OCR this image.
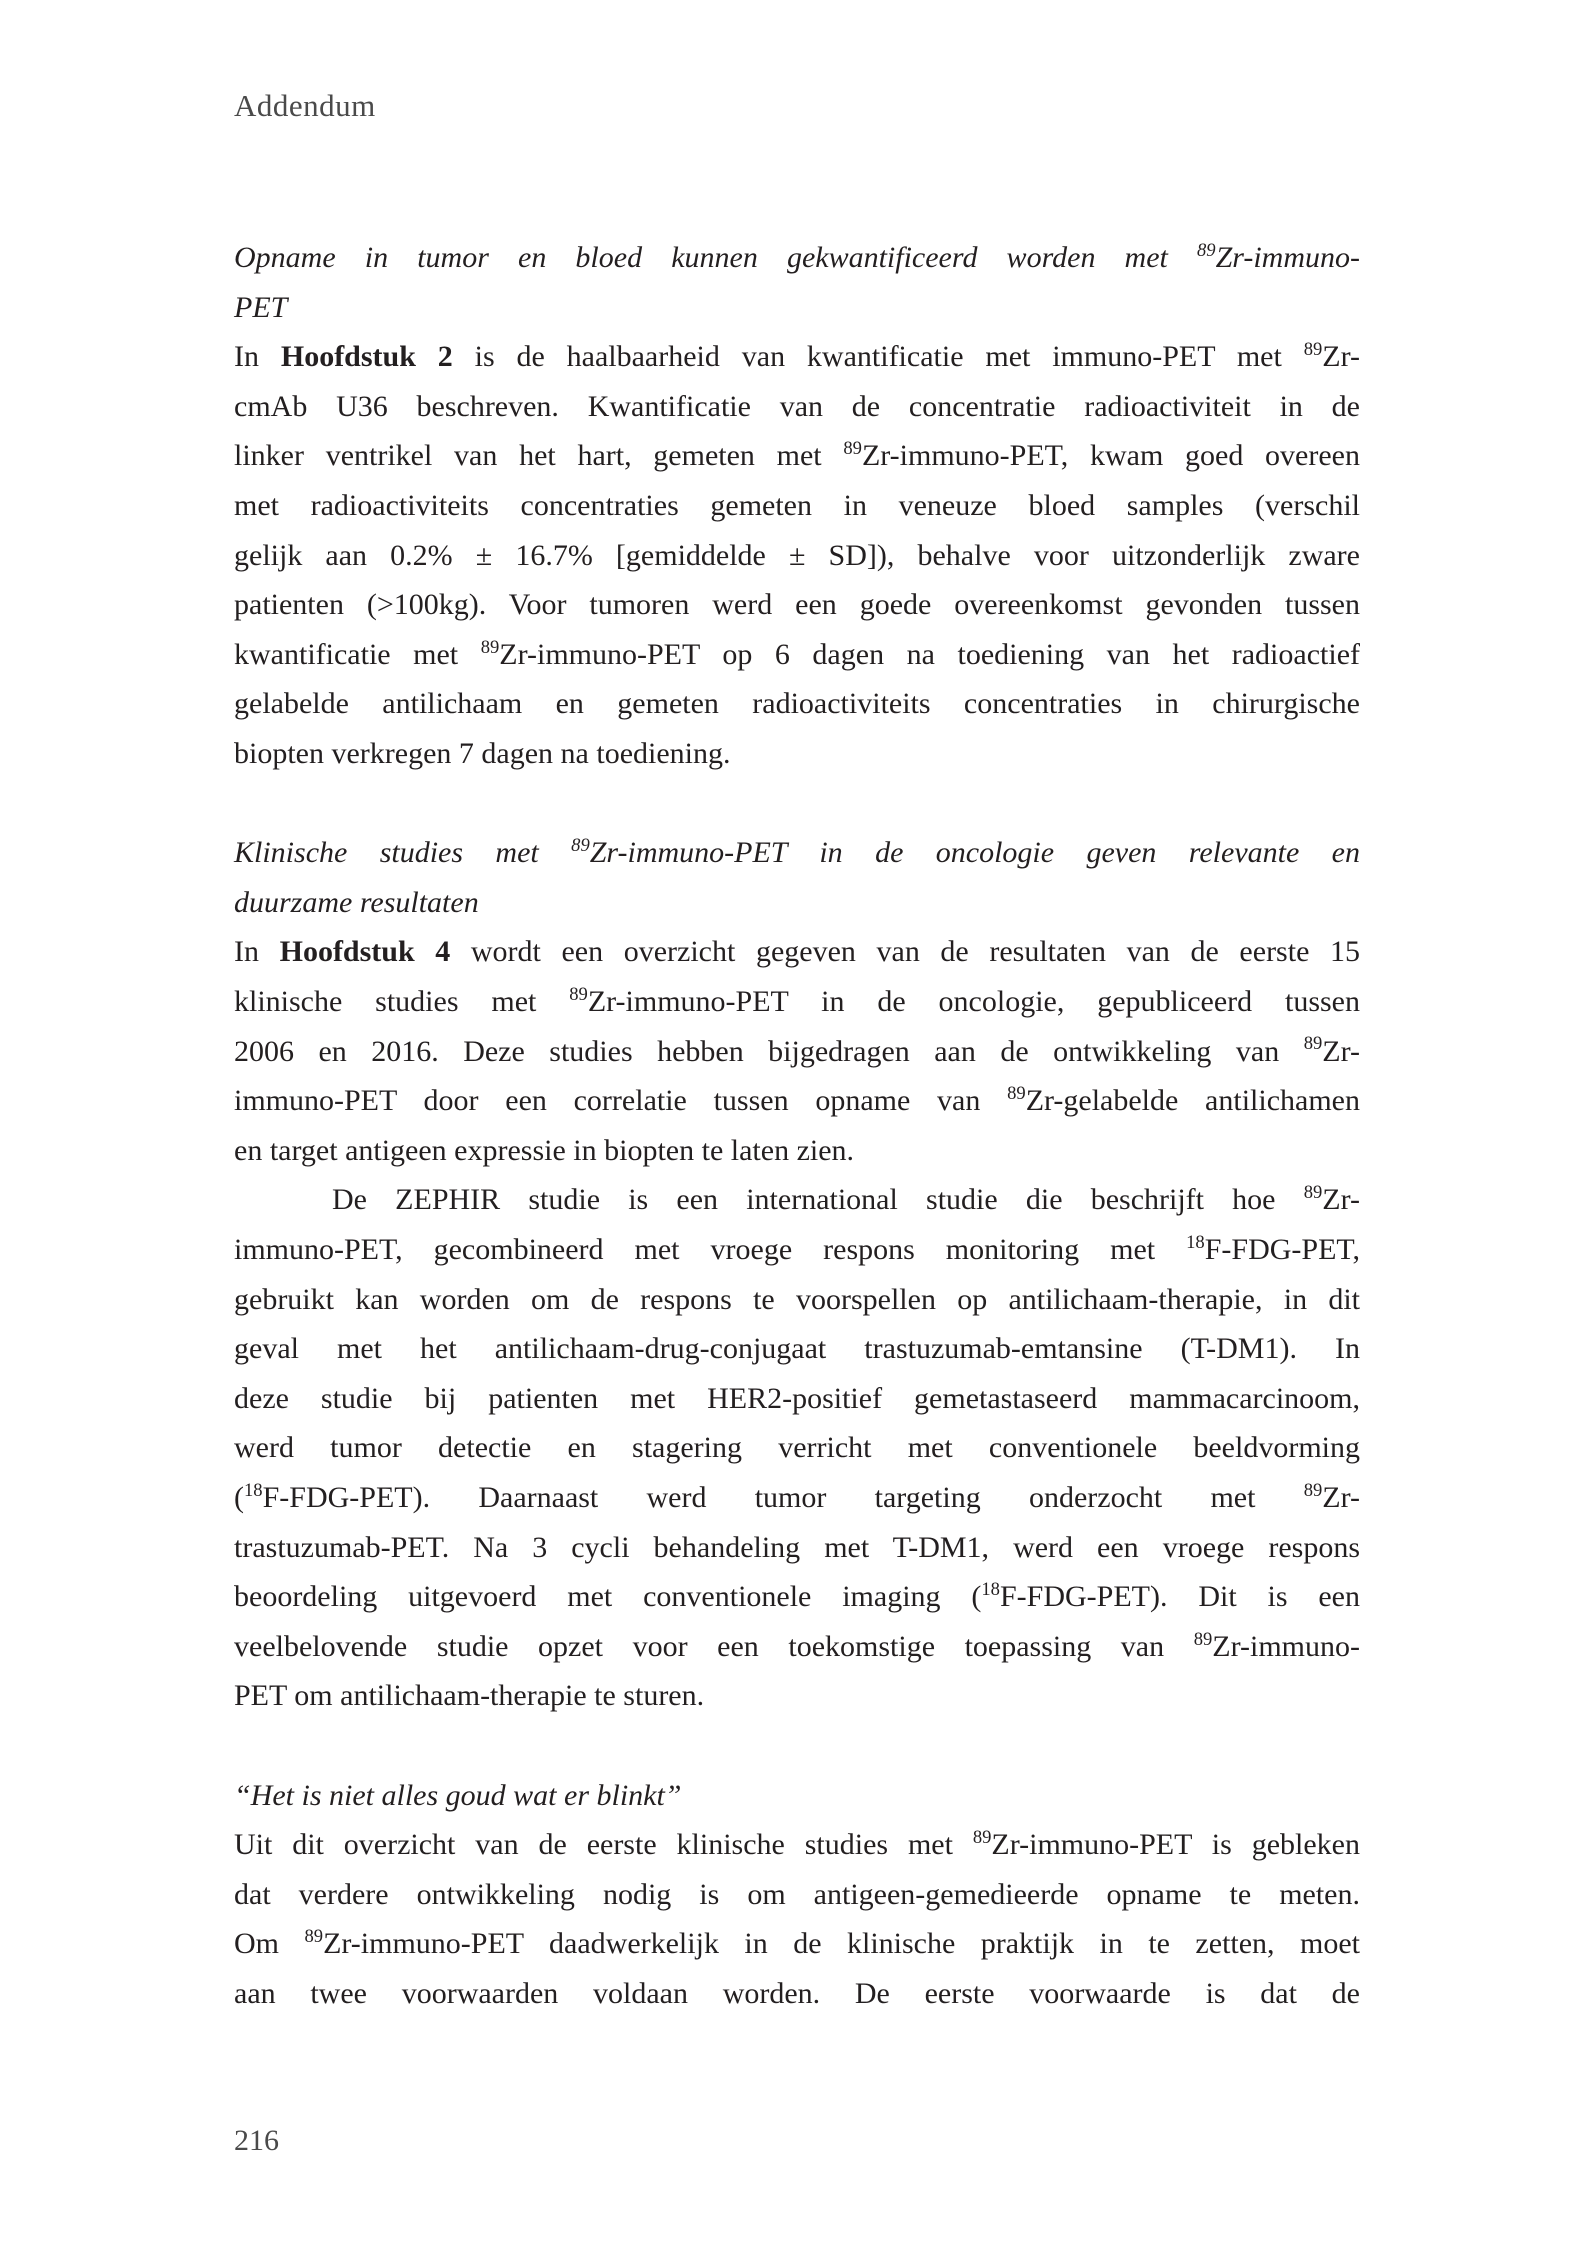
Addendum
Opname in tumor en bloed kunnen gekwantificeerd worden met $^{89}$Zr-immuno-
PET
In Hoofdstuk 2 is de haalbaarheid van kwantificatie met immuno-PET met $^{89}$Zr-
cmAb U36 beschreven. Kwantificatie van de concentratie radioactiviteit in de
linker ventrikel van het hart, gemeten met $^{89}$Zr-immuno-PET, kwam goed overeen
met radioactiviteits concentraties gemeten in veneuze bloed samples (verschil
gelijk aan 0.2% ± 16.7% [gemiddelde ± SD]), behalve voor uitzonderlijk zware
patienten (>100kg). Voor tumoren werd een goede overeenkomst gevonden tussen
kwantificatie met $^{89}$Zr-immuno-PET op 6 dagen na toediening van het radioactief
gelabelde antilichaam en gemeten radioactiviteits concentraties in chirurgische
biopten verkregen 7 dagen na toediening.
Klinische studies met $^{89}$Zr-immuno-PET in de oncologie geven relevante en
duurzame resultaten
In Hoofdstuk 4 wordt een overzicht gegeven van de resultaten van de eerste 15
klinische studies met $^{89}$Zr-immuno-PET in de oncologie, gepubliceerd tussen
2006 en 2016. Deze studies hebben bijgedragen aan de ontwikkeling van $^{89}$Zr-
immuno-PET door een correlatie tussen opname van $^{89}$Zr-gelabelde antilichamen
en target antigeen expressie in biopten te laten zien.
De ZEPHIR studie is een international studie die beschrijft hoe $^{89}$Zr-
immuno-PET, gecombineerd met vroege respons monitoring met $^{18}$F-FDG-PET,
gebruikt kan worden om de respons te voorspellen op antilichaam-therapie, in dit
geval met het antilichaam-drug-conjugaat trastuzumab-emtansine (T-DM1). In
deze studie bij patienten met HER2-positief gemetastaseerd mammacarcinoom,
werd tumor detectie en stagering verricht met conventionele beeldvorming
($^{18}$F-FDG-PET). Daarnaast werd tumor targeting onderzocht met $^{89}$Zr-
trastuzumab-PET. Na 3 cycli behandeling met T-DM1, werd een vroege respons
beoordeling uitgevoerd met conventionele imaging ($^{18}$F-FDG-PET). Dit is een
veelbelovende studie opzet voor een toekomstige toepassing van $^{89}$Zr-immuno-
PET om antilichaam-therapie te sturen.
“Het is niet alles goud wat er blinkt”
Uit dit overzicht van de eerste klinische studies met $^{89}$Zr-immuno-PET is gebleken
dat verdere ontwikkeling nodig is om antigeen-gemedieerde opname te meten.
Om $^{89}$Zr-immuno-PET daadwerkelijk in de klinische praktijk in te zetten, moet
aan twee voorwaarden voldaan worden. De eerste voorwaarde is dat de
216
